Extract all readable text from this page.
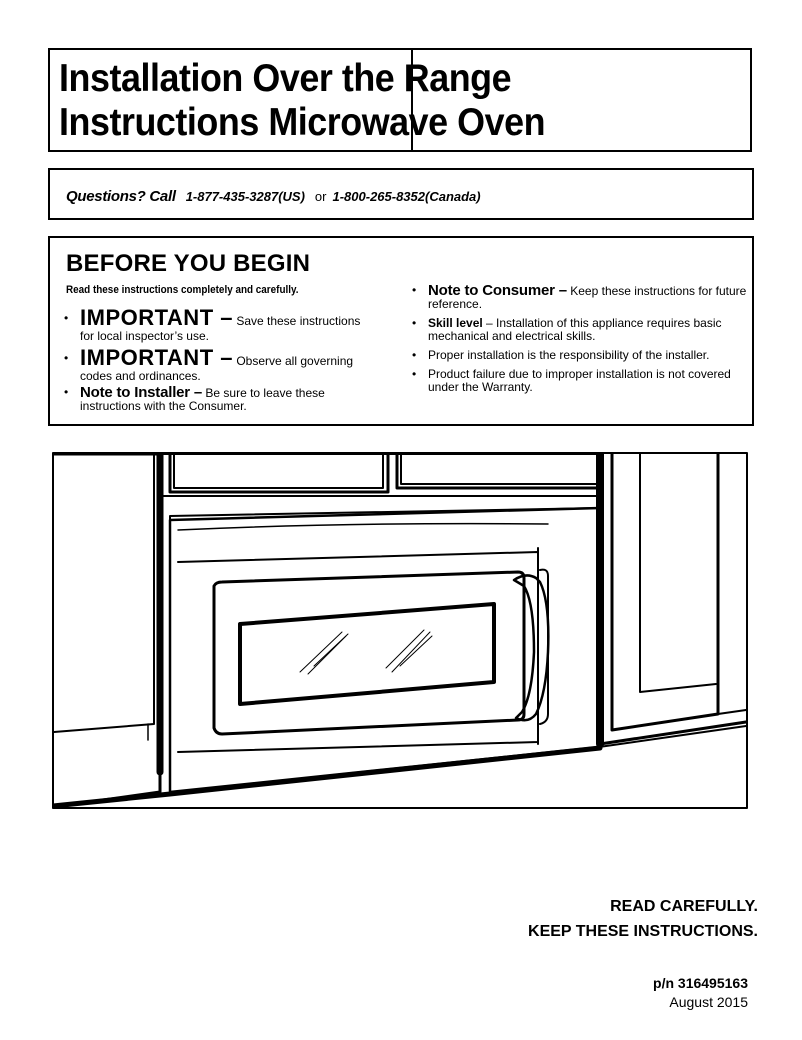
Installation Over the Range
Instructions Microwave Oven
Questions? Call 1-877-435-3287(US) or 1-800-265-8352(Canada)
BEFORE YOU BEGIN
Read these instructions completely and carefully.
• IMPORTANT – Save these instructions for local inspector’s use.
• IMPORTANT – Observe all governing codes and ordinances.
• Note to Installer – Be sure to leave these instructions with the Consumer.
• Note to Consumer – Keep these instructions for future reference.
• Skill level – Installation of this appliance requires basic mechanical and electrical skills.
• Proper installation is the responsibility of the installer.
• Product failure due to improper installation is not covered under the Warranty.
READ CAREFULLY.
KEEP THESE INSTRUCTIONS.
p/n 316495163
August 2015
